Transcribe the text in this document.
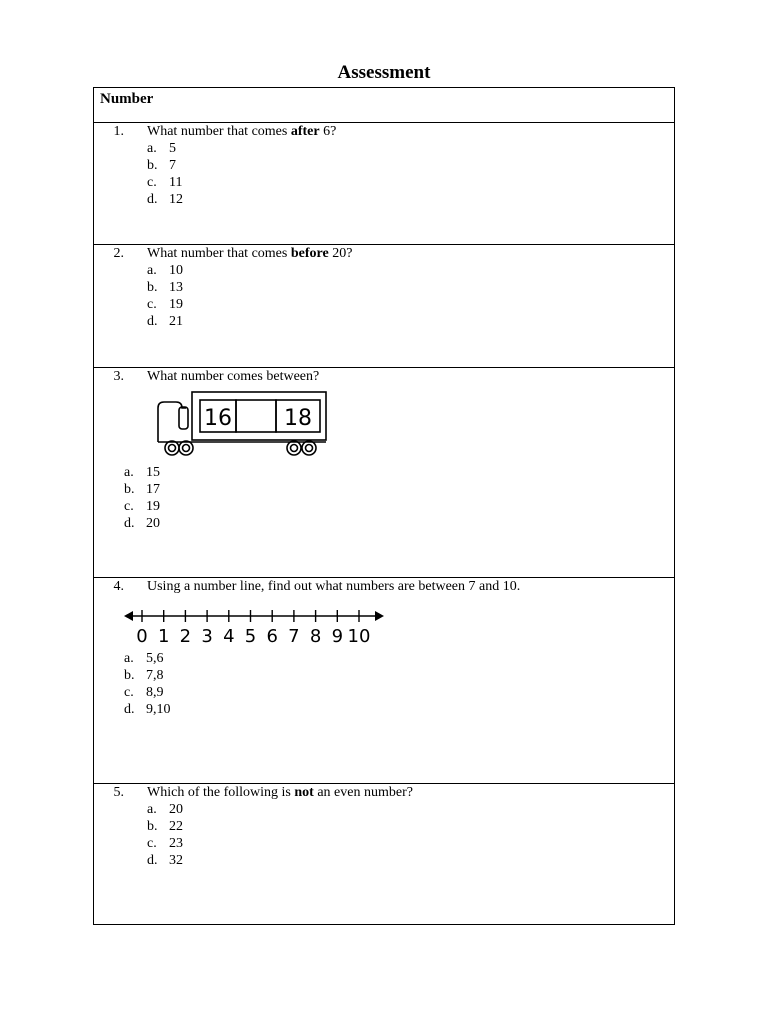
Assessment
Number
1. What number that comes after 6?
a. 5
b. 7
c. 11
d. 12
2. What number that comes before 20?
a. 10
b. 13
c. 19
d. 21
3. What number comes between?
16 18
a. 15
b. 17
c. 19
d. 20
4. Using a number line, find out what numbers are between 7 and 10.
0 1 2 3 4 5 6 7 8 9 10
a. 5,6
b. 7,8
c. 8,9
d. 9,10
5. Which of the following is not an even number?
a. 20
b. 22
c. 23
d. 32
